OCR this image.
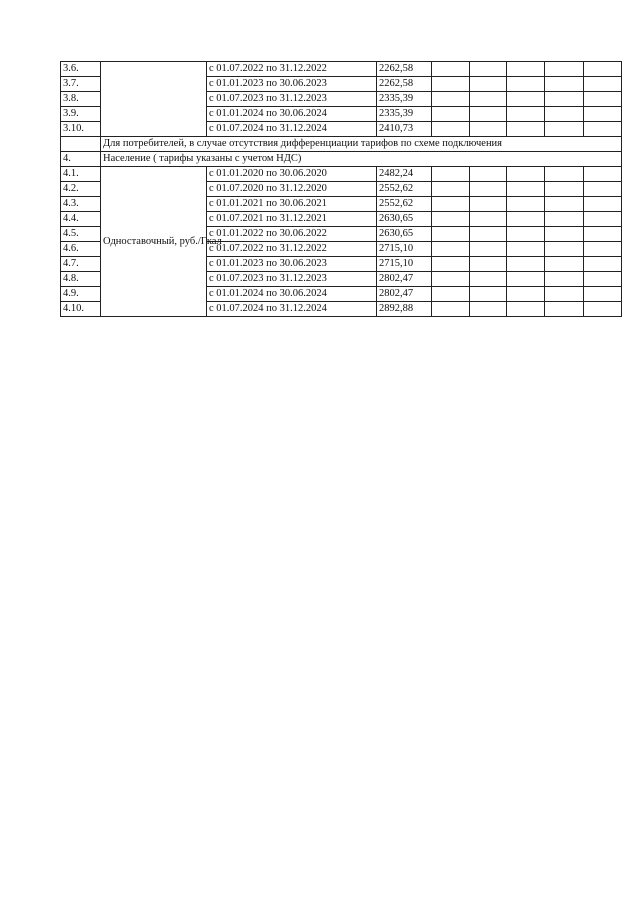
3.6.		с 01.07.2022 по 31.12.2022	2262,58					
3.7.		с 01.01.2023 по 30.06.2023	2262,58					
3.8.		с 01.07.2023 по 31.12.2023	2335,39					
3.9.		с 01.01.2024 по 30.06.2024	2335,39					
3.10.		с 01.07.2024 по 31.12.2024	2410,73					
	Для потребителей, в случае отсутствия дифференциации тарифов по схеме подключения							
4.	Население ( тарифы указаны с учетом НДС)							
4.1.	Одноставочный, руб./Гкал	с 01.01.2020 по 30.06.2020	2482,24					
4.2.		с 01.07.2020 по 31.12.2020	2552,62					
4.3.		с 01.01.2021 по 30.06.2021	2552,62					
4.4.		с 01.07.2021 по 31.12.2021	2630,65					
4.5.		с 01.01.2022 по 30.06.2022	2630,65					
4.6.		с 01.07.2022 по 31.12.2022	2715,10					
4.7.		с 01.01.2023 по 30.06.2023	2715,10					
4.8.		с 01.07.2023 по 31.12.2023	2802,47					
4.9.		с 01.01.2024 по 30.06.2024	2802,47					
4.10.		с 01.07.2024 по 31.12.2024	2892,88					
